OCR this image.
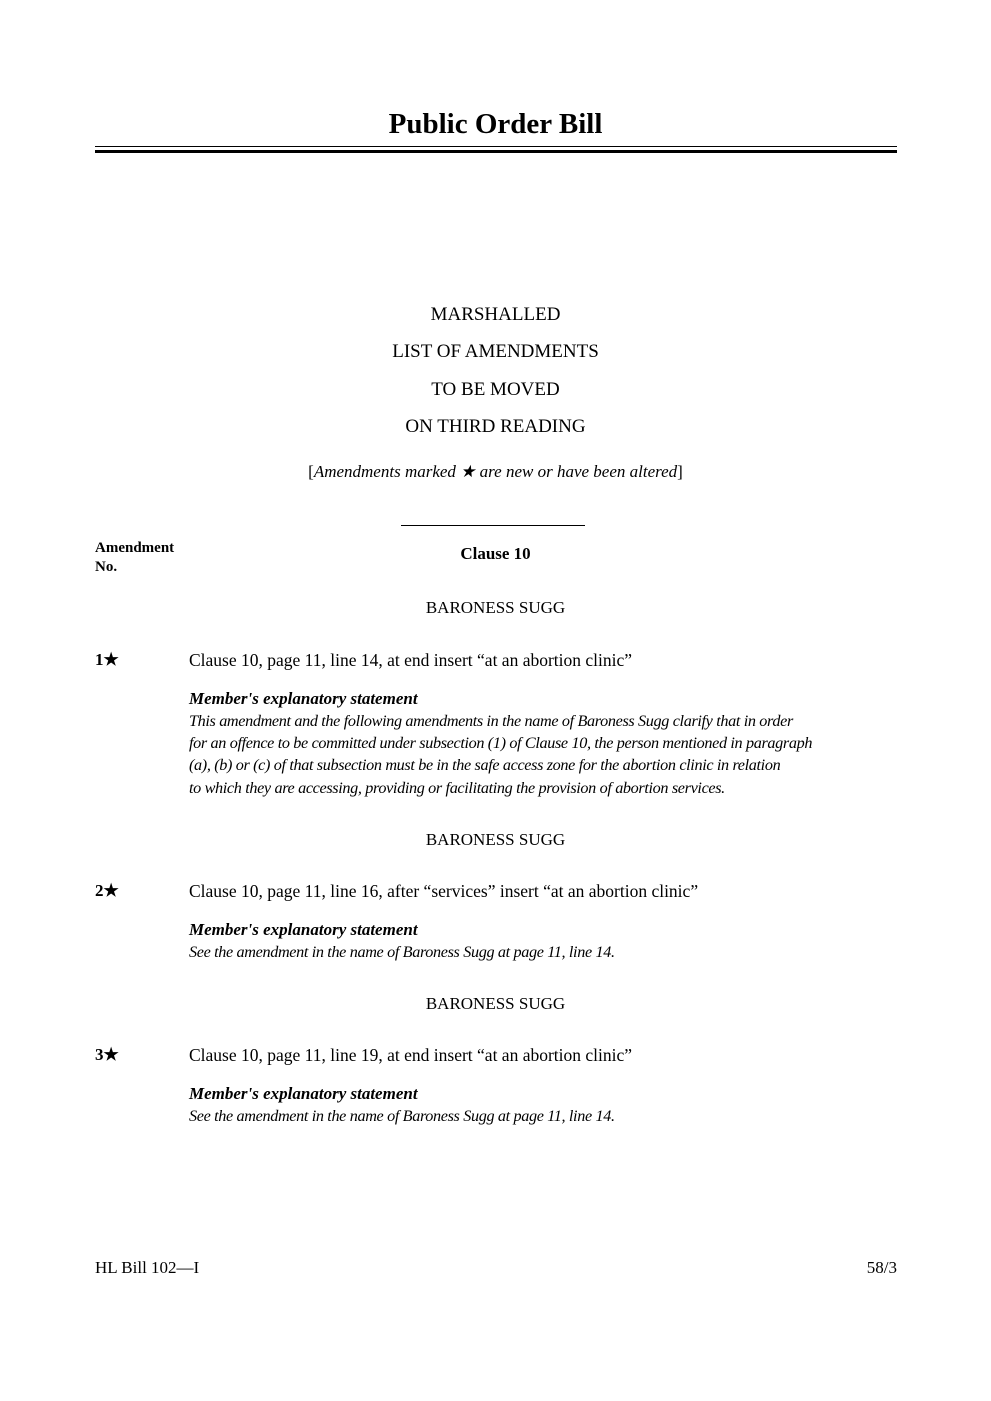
Public Order Bill
MARSHALLED
LIST OF AMENDMENTS
TO BE MOVED
ON THIRD READING
[Amendments marked ★ are new or have been altered]
Amendment
No.
Clause 10
BARONESS SUGG
1★	Clause 10, page 11, line 14, at end insert “at an abortion clinic”
Member's explanatory statement
This amendment and the following amendments in the name of Baroness Sugg clarify that in order
for an offence to be committed under subsection (1) of Clause 10, the person mentioned in paragraph
(a), (b) or (c) of that subsection must be in the safe access zone for the abortion clinic in relation
to which they are accessing, providing or facilitating the provision of abortion services.
BARONESS SUGG
2★	Clause 10, page 11, line 16, after “services” insert “at an abortion clinic”
Member's explanatory statement
See the amendment in the name of Baroness Sugg at page 11, line 14.
BARONESS SUGG
3★	Clause 10, page 11, line 19, at end insert “at an abortion clinic”
Member's explanatory statement
See the amendment in the name of Baroness Sugg at page 11, line 14.
HL Bill 102—I	58/3
